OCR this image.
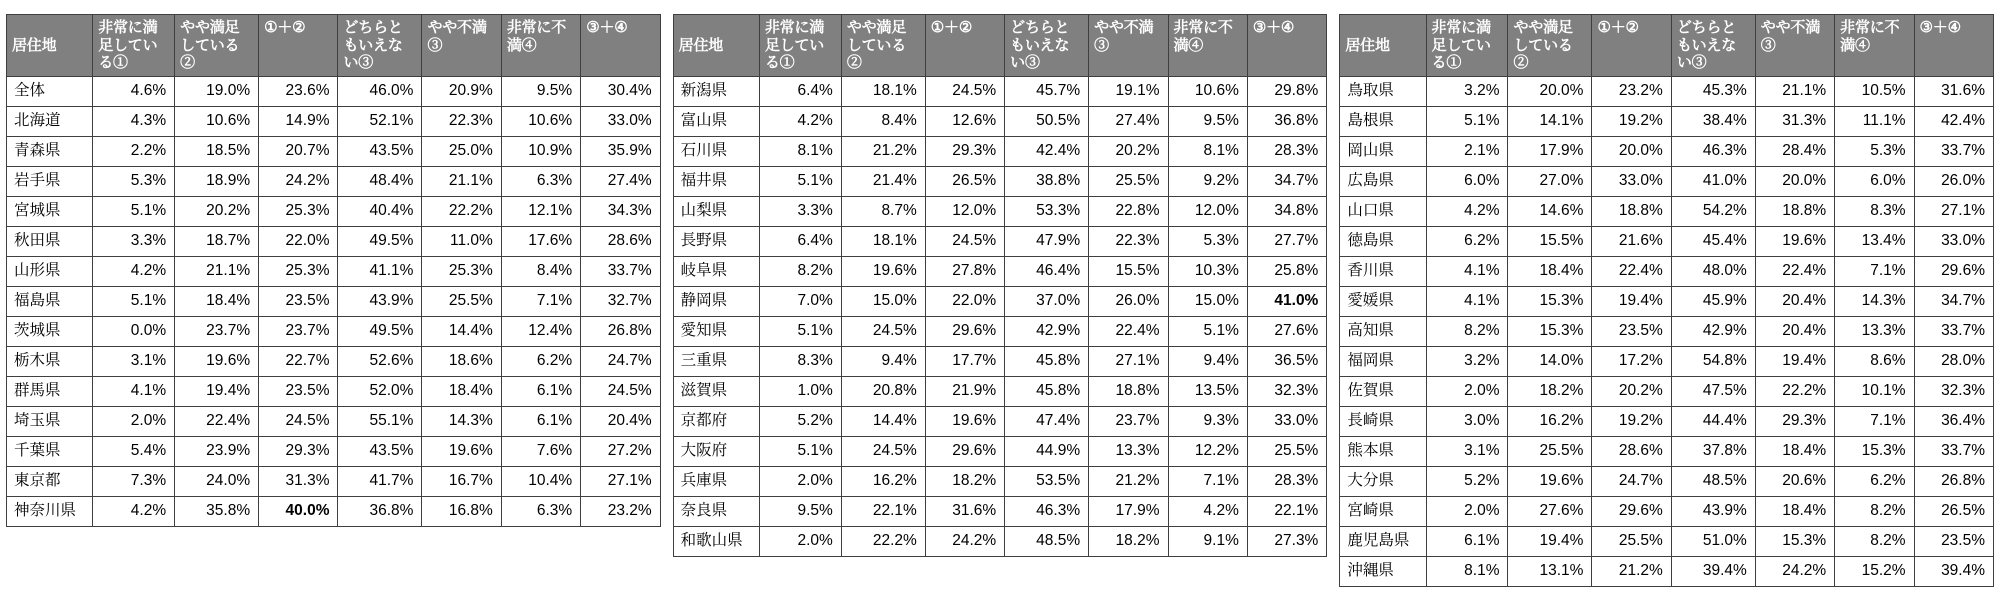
居住地	非常に満足している①	やや満足している②	①＋②	どちらともいえない③	やや不満③	非常に不満④	③＋④
全体	4.6%	19.0%	23.6%	46.0%	20.9%	9.5%	30.4%
北海道	4.3%	10.6%	14.9%	52.1%	22.3%	10.6%	33.0%
青森県	2.2%	18.5%	20.7%	43.5%	25.0%	10.9%	35.9%
岩手県	5.3%	18.9%	24.2%	48.4%	21.1%	6.3%	27.4%
宮城県	5.1%	20.2%	25.3%	40.4%	22.2%	12.1%	34.3%
秋田県	3.3%	18.7%	22.0%	49.5%	11.0%	17.6%	28.6%
山形県	4.2%	21.1%	25.3%	41.1%	25.3%	8.4%	33.7%
福島県	5.1%	18.4%	23.5%	43.9%	25.5%	7.1%	32.7%
茨城県	0.0%	23.7%	23.7%	49.5%	14.4%	12.4%	26.8%
栃木県	3.1%	19.6%	22.7%	52.6%	18.6%	6.2%	24.7%
群馬県	4.1%	19.4%	23.5%	52.0%	18.4%	6.1%	24.5%
埼玉県	2.0%	22.4%	24.5%	55.1%	14.3%	6.1%	20.4%
千葉県	5.4%	23.9%	29.3%	43.5%	19.6%	7.6%	27.2%
東京都	7.3%	24.0%	31.3%	41.7%	16.7%	10.4%	27.1%
神奈川県	4.2%	35.8%	40.0%	36.8%	16.8%	6.3%	23.2%
居住地	非常に満足している①	やや満足している②	①＋②	どちらともいえない③	やや不満③	非常に不満④	③＋④
新潟県	6.4%	18.1%	24.5%	45.7%	19.1%	10.6%	29.8%
富山県	4.2%	8.4%	12.6%	50.5%	27.4%	9.5%	36.8%
石川県	8.1%	21.2%	29.3%	42.4%	20.2%	8.1%	28.3%
福井県	5.1%	21.4%	26.5%	38.8%	25.5%	9.2%	34.7%
山梨県	3.3%	8.7%	12.0%	53.3%	22.8%	12.0%	34.8%
長野県	6.4%	18.1%	24.5%	47.9%	22.3%	5.3%	27.7%
岐阜県	8.2%	19.6%	27.8%	46.4%	15.5%	10.3%	25.8%
静岡県	7.0%	15.0%	22.0%	37.0%	26.0%	15.0%	41.0%
愛知県	5.1%	24.5%	29.6%	42.9%	22.4%	5.1%	27.6%
三重県	8.3%	9.4%	17.7%	45.8%	27.1%	9.4%	36.5%
滋賀県	1.0%	20.8%	21.9%	45.8%	18.8%	13.5%	32.3%
京都府	5.2%	14.4%	19.6%	47.4%	23.7%	9.3%	33.0%
大阪府	5.1%	24.5%	29.6%	44.9%	13.3%	12.2%	25.5%
兵庫県	2.0%	16.2%	18.2%	53.5%	21.2%	7.1%	28.3%
奈良県	9.5%	22.1%	31.6%	46.3%	17.9%	4.2%	22.1%
和歌山県	2.0%	22.2%	24.2%	48.5%	18.2%	9.1%	27.3%
居住地	非常に満足している①	やや満足している②	①＋②	どちらともいえない③	やや不満③	非常に不満④	③＋④
鳥取県	3.2%	20.0%	23.2%	45.3%	21.1%	10.5%	31.6%
島根県	5.1%	14.1%	19.2%	38.4%	31.3%	11.1%	42.4%
岡山県	2.1%	17.9%	20.0%	46.3%	28.4%	5.3%	33.7%
広島県	6.0%	27.0%	33.0%	41.0%	20.0%	6.0%	26.0%
山口県	4.2%	14.6%	18.8%	54.2%	18.8%	8.3%	27.1%
徳島県	6.2%	15.5%	21.6%	45.4%	19.6%	13.4%	33.0%
香川県	4.1%	18.4%	22.4%	48.0%	22.4%	7.1%	29.6%
愛媛県	4.1%	15.3%	19.4%	45.9%	20.4%	14.3%	34.7%
高知県	8.2%	15.3%	23.5%	42.9%	20.4%	13.3%	33.7%
福岡県	3.2%	14.0%	17.2%	54.8%	19.4%	8.6%	28.0%
佐賀県	2.0%	18.2%	20.2%	47.5%	22.2%	10.1%	32.3%
長崎県	3.0%	16.2%	19.2%	44.4%	29.3%	7.1%	36.4%
熊本県	3.1%	25.5%	28.6%	37.8%	18.4%	15.3%	33.7%
大分県	5.2%	19.6%	24.7%	48.5%	20.6%	6.2%	26.8%
宮崎県	2.0%	27.6%	29.6%	43.9%	18.4%	8.2%	26.5%
鹿児島県	6.1%	19.4%	25.5%	51.0%	15.3%	8.2%	23.5%
沖縄県	8.1%	13.1%	21.2%	39.4%	24.2%	15.2%	39.4%
